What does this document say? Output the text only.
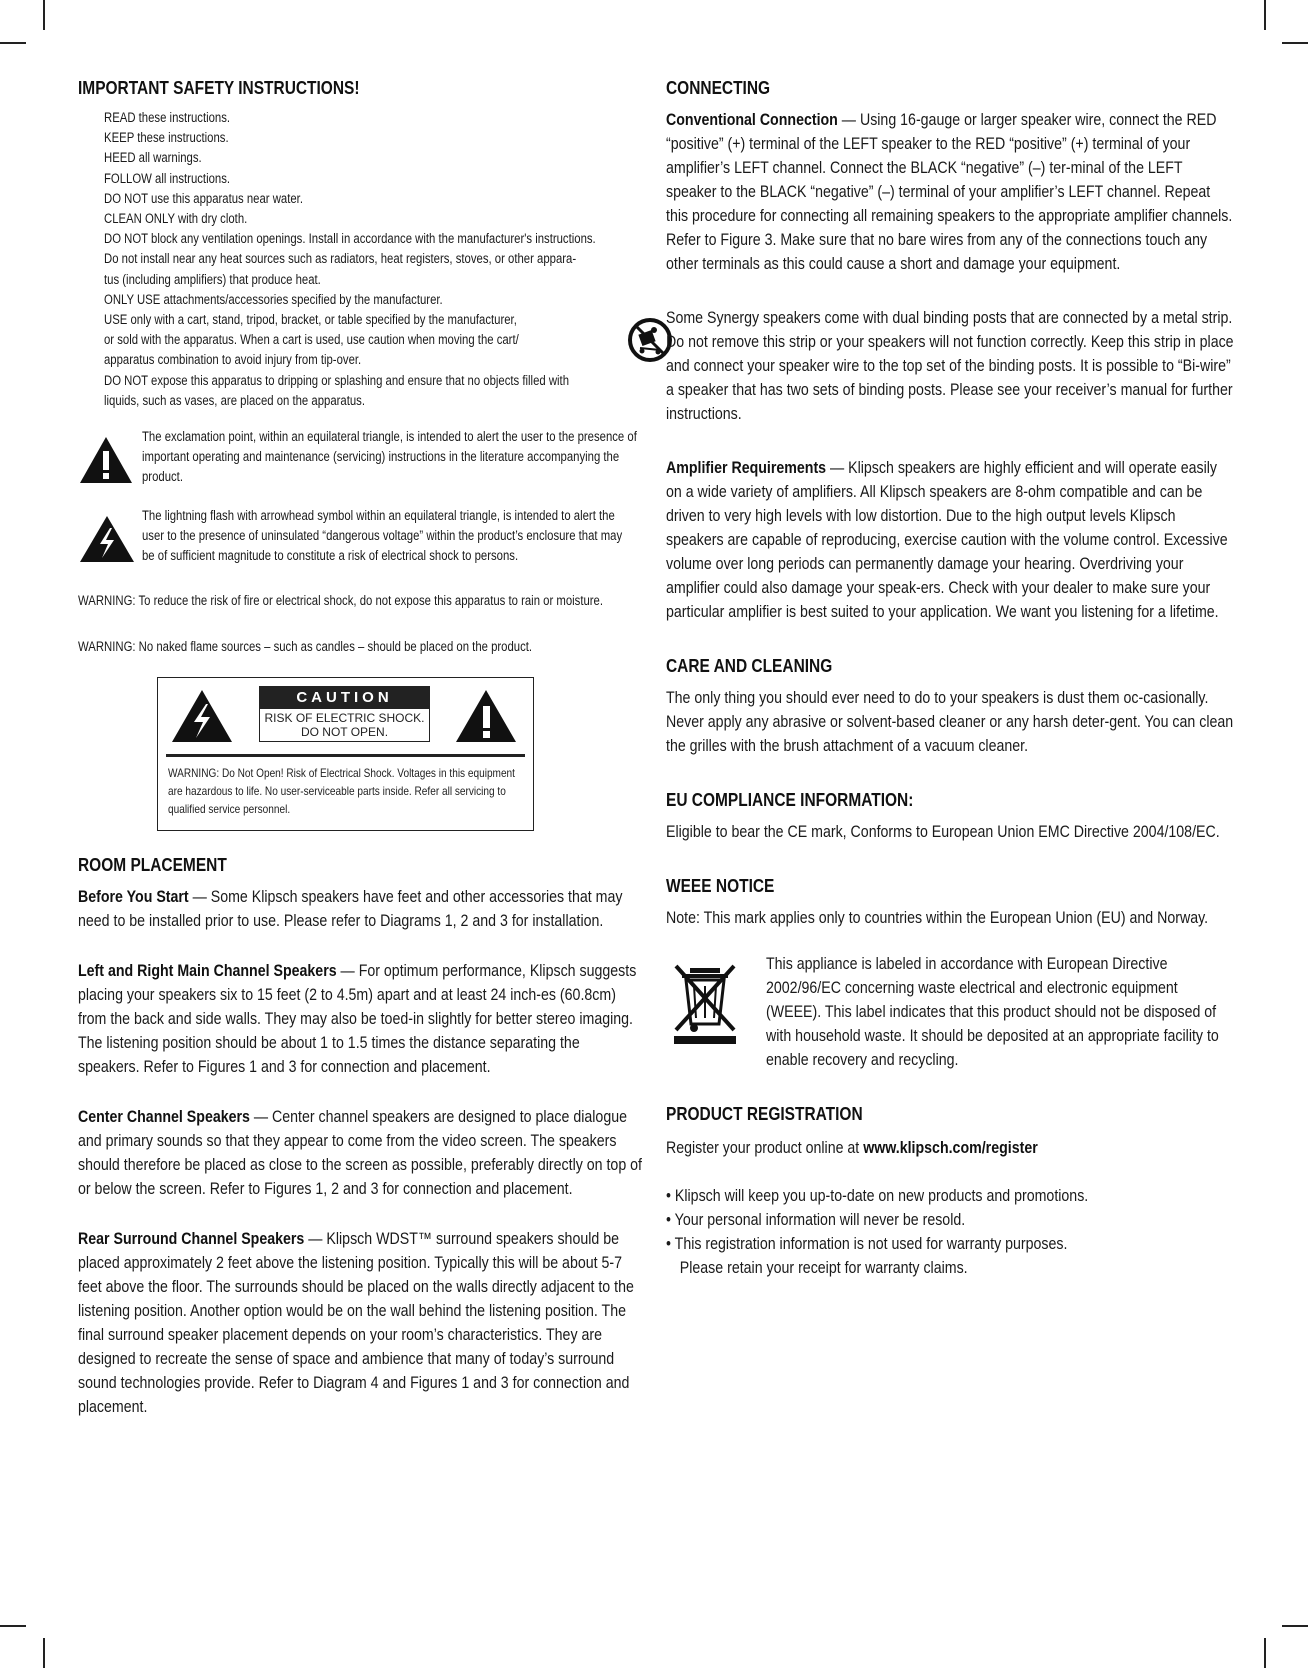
IMPORTANT SAFETY INSTRUCTIONS!

READ these instructions.

KEEP these instructions.

HEED all warnings.

FOLLOW all instructions.

DO NOT use this apparatus near water.

CLEAN ONLY with dry cloth.

DO NOT block any ventilation openings. Install in accordance with the manufacturer's instructions.

Do not install near any heat sources such as radiators, heat registers, stoves, or other appara-

tus (including amplifiers) that produce heat.

ONLY USE attachments/accessories specified by the manufacturer.

USE only with a cart, stand, tripod, bracket, or table specified by the manufacturer,

or sold with the apparatus. When a cart is used, use caution when moving the cart/

apparatus combination to avoid injury from tip-over.

DO NOT expose this apparatus to dripping or splashing and ensure that no objects filled with

liquids, such as vases, are placed on the apparatus.

The exclamation point, within an equilateral triangle, is intended to alert the user to the presence of important operating and maintenance (servicing) instructions in the literature accompanying the product.

The lightning flash with arrowhead symbol within an equilateral triangle, is intended to alert the user to the presence of uninsulated “dangerous voltage” within the product’s enclosure that may be of sufficient magnitude to constitute a risk of electrical shock to persons.

WARNING: To reduce the risk of fire or electrical shock, do not expose this apparatus to rain or moisture.

WARNING: No naked flame sources – such as candles – should be placed on the product.

CAUTION
RISK OF ELECTRIC SHOCK.
DO NOT OPEN.
WARNING: Do Not Open! Risk of Electrical Shock. Voltages in this equipment are hazardous to life. No user-serviceable parts inside. Refer all servicing to qualified service personnel.
ROOM PLACEMENT

Before You Start — Some Klipsch speakers have feet and other accessories that may need to be installed prior to use. Please refer to Diagrams 1, 2 and 3 for installation.

Left and Right Main Channel Speakers — For optimum performance, Klipsch suggests placing your speakers six to 15 feet (2 to 4.5m) apart and at least 24 inch-es (60.8cm) from the back and side walls. They may also be toed-in slightly for better stereo imaging. The listening position should be about 1 to 1.5 times the distance separating the speakers. Refer to Figures 1 and 3 for connection and placement.

Center Channel Speakers — Center channel speakers are designed to place dialogue and primary sounds so that they appear to come from the video screen. The speakers should therefore be placed as close to the screen as possible, preferably directly on top of or below the screen. Refer to Figures 1, 2 and 3 for connection and placement.

Rear Surround Channel Speakers — Klipsch WDST™ surround speakers should be placed approximately 2 feet above the listening position. Typically this will be about 5-7 feet above the floor. The surrounds should be placed on the walls directly adjacent to the listening position. Another option would be on the wall behind the listening position. The final surround speaker placement depends on your room’s characteristics. They are designed to recreate the sense of space and ambience that many of today’s surround sound technologies provide. Refer to Diagram 4 and Figures 1 and 3 for connection and placement.

CONNECTING

Conventional Connection — Using 16-gauge or larger speaker wire, connect the RED “positive” (+) terminal of the LEFT speaker to the RED “positive” (+) terminal of your amplifier’s LEFT channel. Connect the BLACK “negative” (–) ter-minal of the LEFT speaker to the BLACK “negative” (–) terminal of your amplifier’s LEFT channel. Repeat this procedure for connecting all remaining speakers to the appropriate amplifier channels. Refer to Figure 3. Make sure that no bare wires from any of the connections touch any other terminals as this could cause a short and damage your equipment.

Some Synergy speakers come with dual binding posts that are connected by a metal strip. Do not remove this strip or your speakers will not function correctly. Keep this strip in place and connect your speaker wire to the top set of the binding posts. It is possible to “Bi-wire” a speaker that has two sets of binding posts. Please see your receiver’s manual for further instructions.

Amplifier Requirements — Klipsch speakers are highly efficient and will operate easily on a wide variety of amplifiers. All Klipsch speakers are 8-ohm compatible and can be driven to very high levels with low distortion. Due to the high output levels Klipsch speakers are capable of reproducing, exercise caution with the volume control. Excessive volume over long periods can permanently damage your hearing. Overdriving your amplifier could also damage your speak-ers. Check with your dealer to make sure your particular amplifier is best suited to your application. We want you listening for a lifetime.

CARE AND CLEANING

The only thing you should ever need to do to your speakers is dust them oc-casionally. Never apply any abrasive or solvent-based cleaner or any harsh deter-gent. You can clean the grilles with the brush attachment of a vacuum cleaner.

EU COMPLIANCE INFORMATION:

Eligible to bear the CE mark, Conforms to European Union EMC Directive 2004/108/EC.

WEEE NOTICE

Note: This mark applies only to countries within the European Union (EU) and Norway.

This appliance is labeled in accordance with European Directive 2002/96/EC concerning waste electrical and electronic equipment (WEEE). This label indicates that this product should not be disposed of with household waste. It should be deposited at an appropriate facility to enable recovery and recycling.

PRODUCT REGISTRATION

Register your product online at www.klipsch.com/register

• Klipsch will keep you up-to-date on new products and promotions.

• Your personal information will never be resold.

• This registration information is not used for warranty purposes.

Please retain your receipt for warranty claims.
